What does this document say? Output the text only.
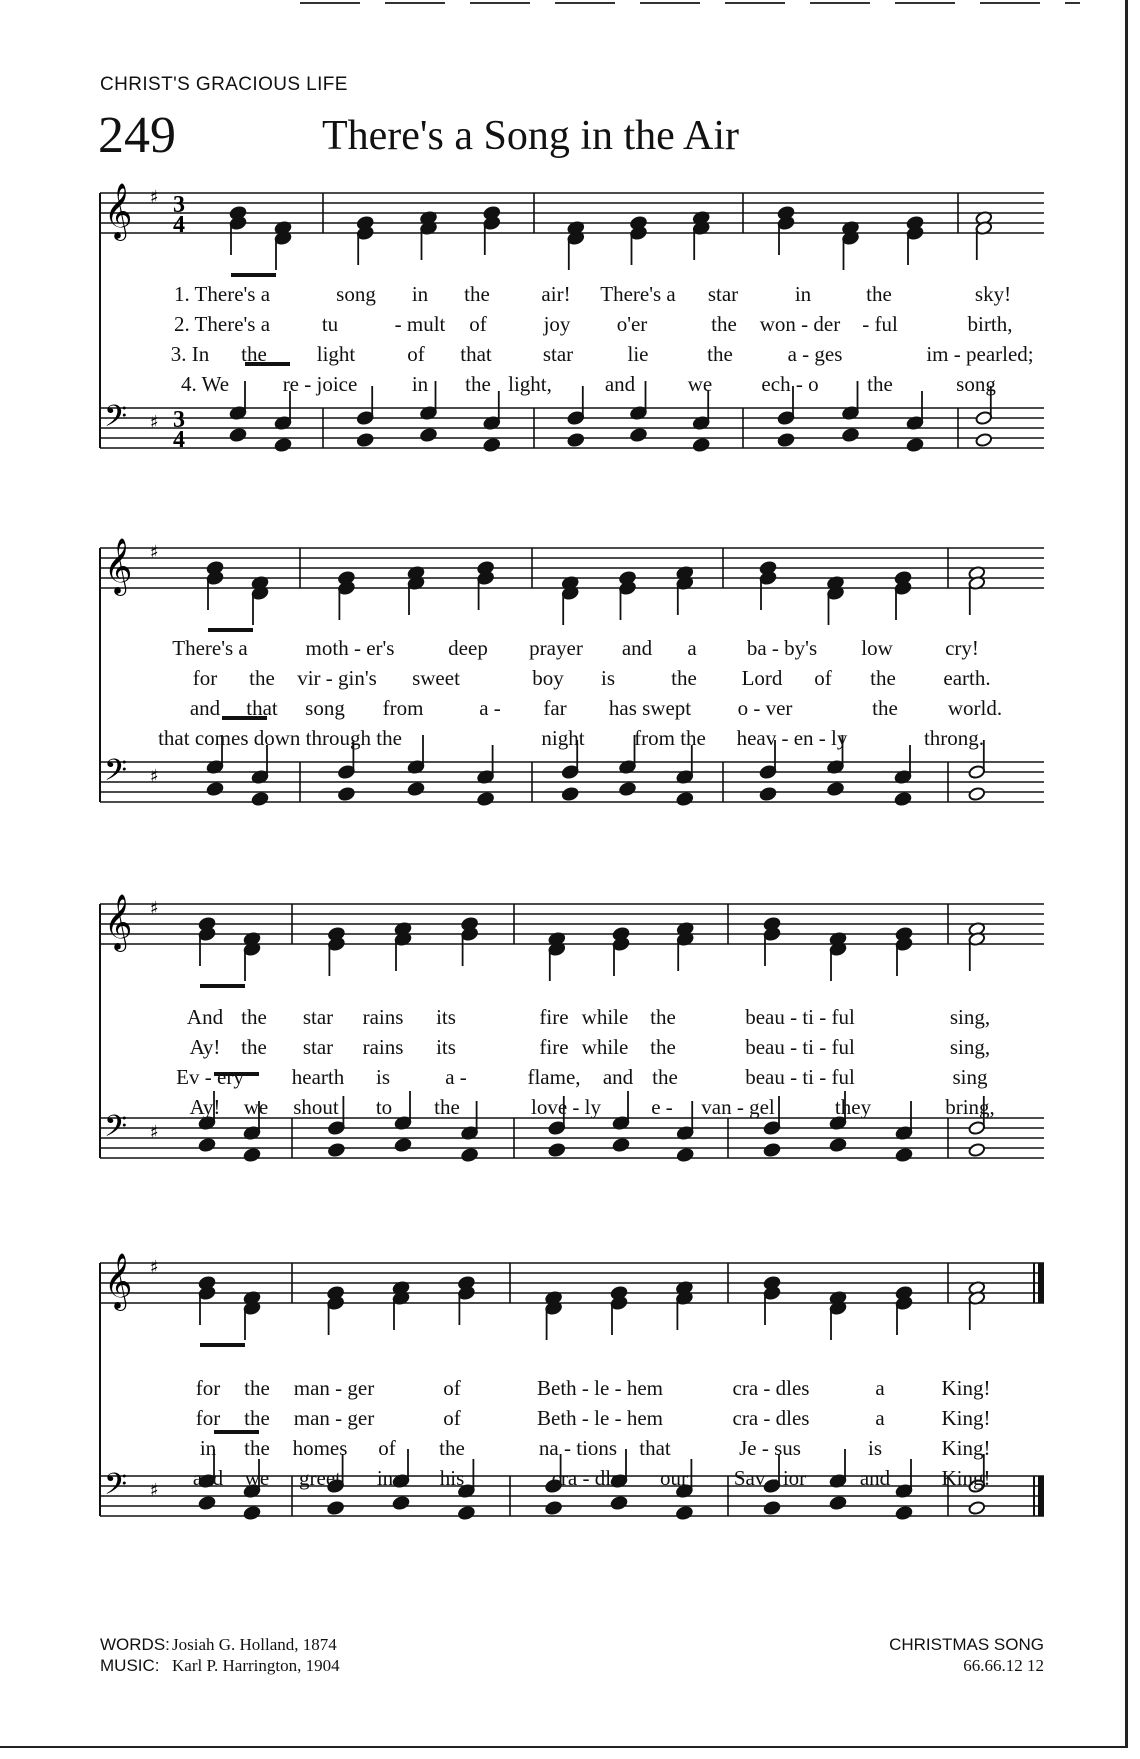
CHRIST'S GRACIOUS LIFE
249	There's a Song in the Air
𝄞
𝄢
♯
♯
3
3
4
4
𝄞
𝄢
♯
♯
𝄞
𝄢
♯
♯
𝄞
𝄢
♯
♯
1. There's a	song in the air! There's a star	in	the	sky!
2. There's a tu	- mult of	joy o'er	the won - der - ful	birth,
3. In the light of that star	lie	the	a - ges	im - pearled;
4. We	re - joice	in the light,	and	we ech - o the	song
There's a	moth - er's	deep prayer and a ba - by's low cry!
for the vir - gin's sweet	boy is	the Lord of the earth.
and that song from	a - far has swept o - ver	the world.
that comes down through the	night from the heav - en - ly	throng.
And the star rains its	fire while the	beau - ti - ful	sing,
Ay! the star rains its	fire while the	beau - ti - ful	sing,
Ev - ery hearth is	a -	flame, and the	beau - ti - ful	sing
Ay! we shout to the	love - ly e - van - gel	they	bring,
for the man - ger	of	Beth - le - hem	cra - dles	a	King!
for the man - ger	of	Beth - le - hem	cra - dles	a	King!
in the homes of the	na - tions that	Je - sus	is	King!
and we greet in his	cra - dle our Sav - ior	and King!
WORDS: Josiah G. Holland, 1874
MUSIC: Karl P. Harrington, 1904
CHRISTMAS SONG
66.66.12 12
